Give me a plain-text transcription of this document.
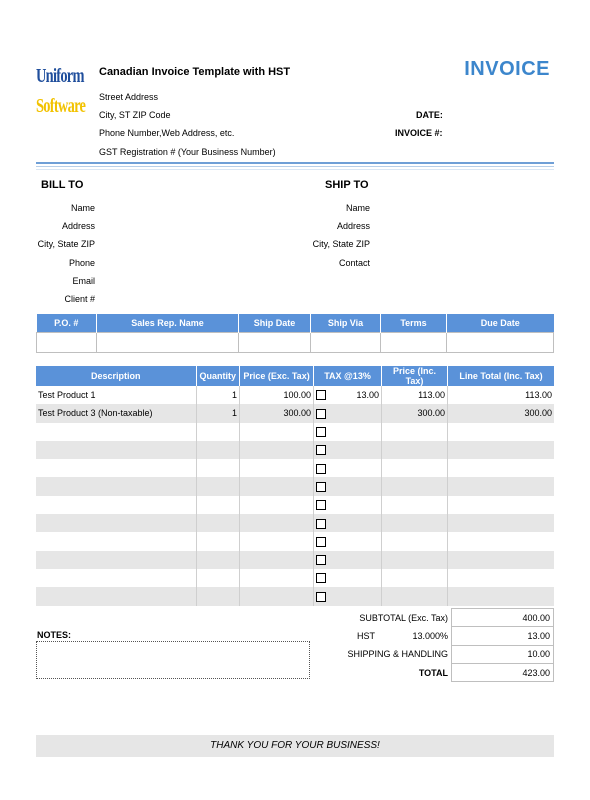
Uniform
Software
Canadian Invoice Template with HST	INVOICE
Street Address
City, ST ZIP Code
Phone Number,Web Address, etc.
GST Registration # (Your Business Number)
DATE:
INVOICE #:
BILL TO	SHIP TO
Name
Address
City, State ZIP
Phone
Email
Client #
Name
Address
City, State ZIP
Contact
P.O. #	Sales Rep. Name	Ship Date	Ship Via	Terms	Due Date

Description	Quantity	Price (Exc. Tax)	TAX @13%	Price (Inc. Tax)	Line Total (Inc. Tax)
Test Product 1	1	100.00	13.00	113.00	113.00
Test Product 3 (Non-taxable)	1	300.00		300.00	300.00

SUBTOTAL (Exc. Tax)		400.00
HST	13.000%	13.00
SHIPPING & HANDLING		10.00
TOTAL		423.00
NOTES:
THANK YOU FOR YOUR BUSINESS!
